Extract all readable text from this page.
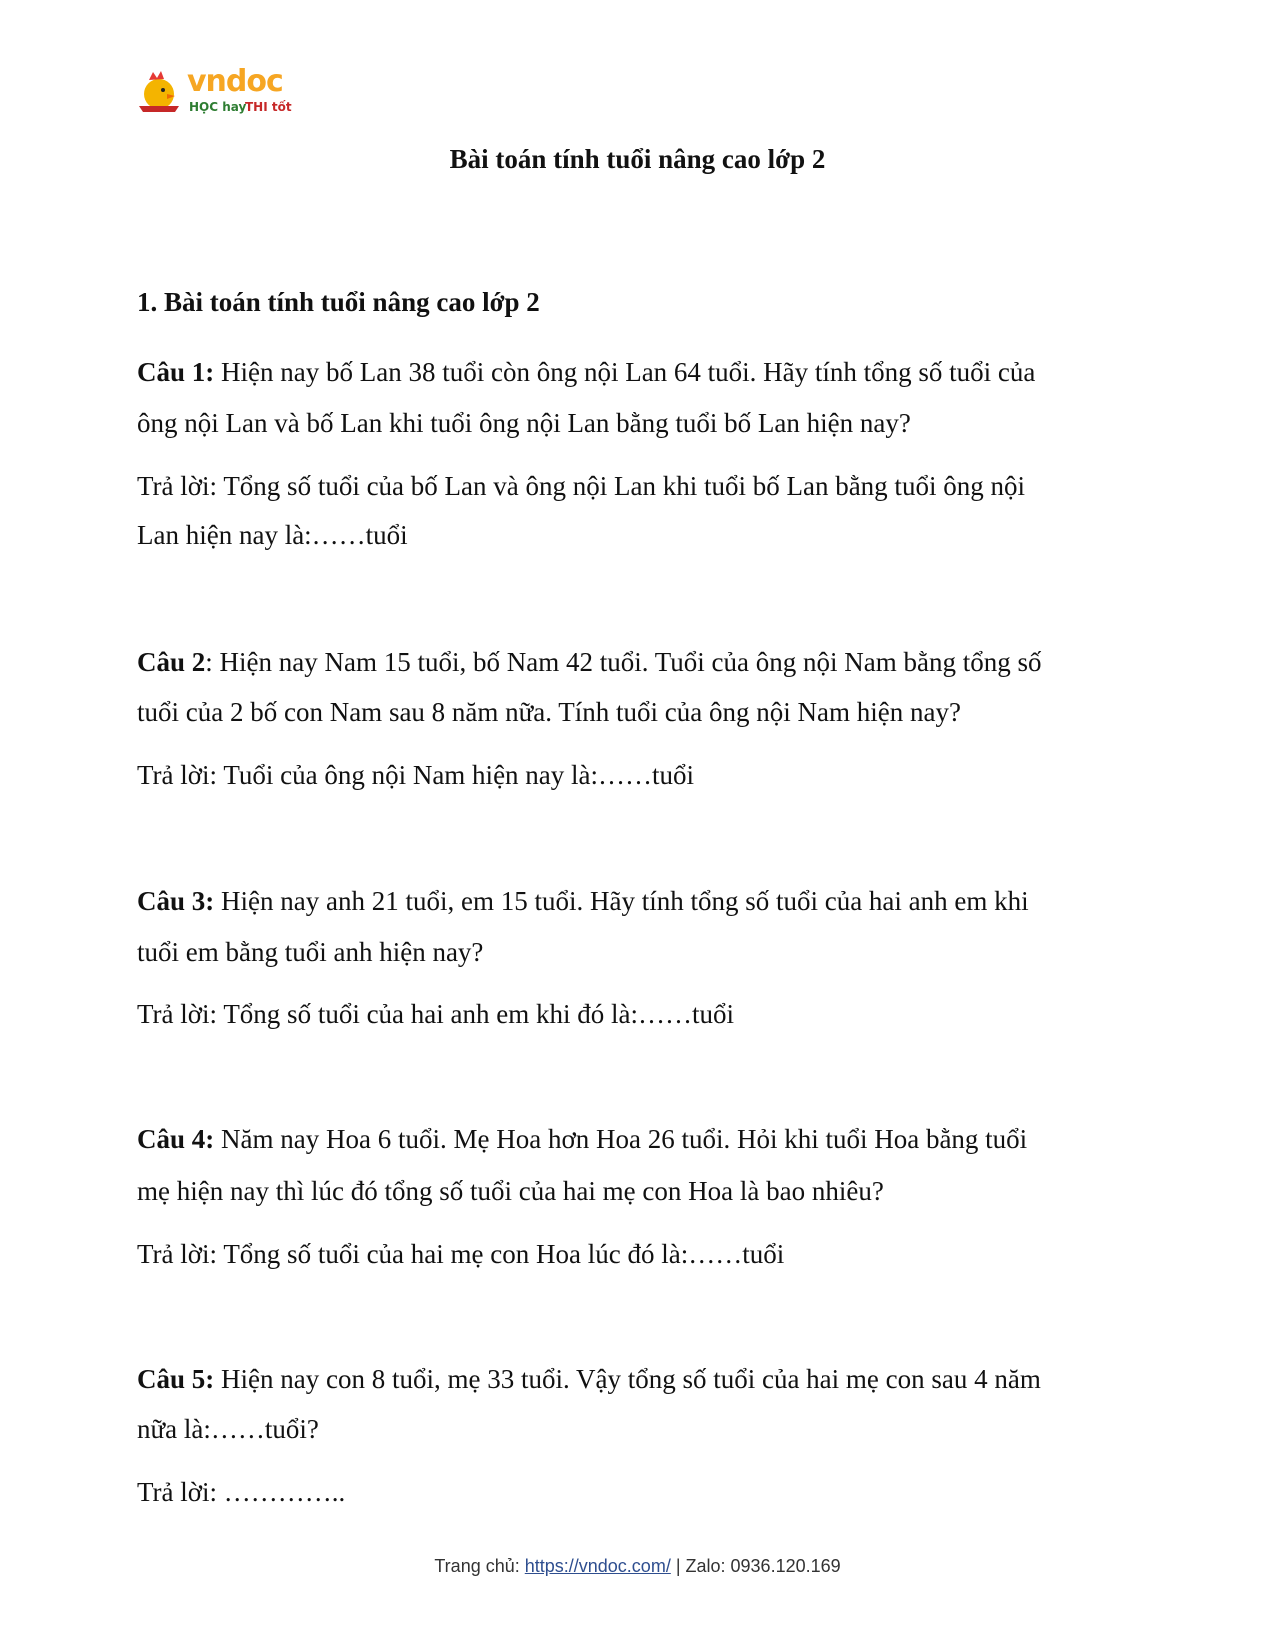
vndoc
HỌC hay
THI tốt
Bài toán tính tuổi nâng cao lớp 2
1. Bài toán tính tuổi nâng cao lớp 2
Câu 1: Hiện nay bố Lan 38 tuổi còn ông nội Lan 64 tuổi. Hãy tính tổng số tuổi của
ông nội Lan và bố Lan khi tuổi ông nội Lan bằng tuổi bố Lan hiện nay?
Trả lời: Tổng số tuổi của bố Lan và ông nội Lan khi tuổi bố Lan bằng tuổi ông nội
Lan hiện nay là:……tuổi
Câu 2: Hiện nay Nam 15 tuổi, bố Nam 42 tuổi. Tuổi của ông nội Nam bằng tổng số
tuổi của 2 bố con Nam sau 8 năm nữa. Tính tuổi của ông nội Nam hiện nay?
Trả lời: Tuổi của ông nội Nam hiện nay là:……tuổi
Câu 3: Hiện nay anh 21 tuổi, em 15 tuổi. Hãy tính tổng số tuổi của hai anh em khi
tuổi em bằng tuổi anh hiện nay?
Trả lời: Tổng số tuổi của hai anh em khi đó là:……tuổi
Câu 4: Năm nay Hoa 6 tuổi. Mẹ Hoa hơn Hoa 26 tuổi. Hỏi khi tuổi Hoa bằng tuổi
mẹ hiện nay thì lúc đó tổng số tuổi của hai mẹ con Hoa là bao nhiêu?
Trả lời: Tổng số tuổi của hai mẹ con Hoa lúc đó là:……tuổi
Câu 5: Hiện nay con 8 tuổi, mẹ 33 tuổi. Vậy tổng số tuổi của hai mẹ con sau 4 năm
nữa là:……tuổi?
Trả lời: …………..
Trang chủ: https://vndoc.com/ | Zalo: 0936.120.169
